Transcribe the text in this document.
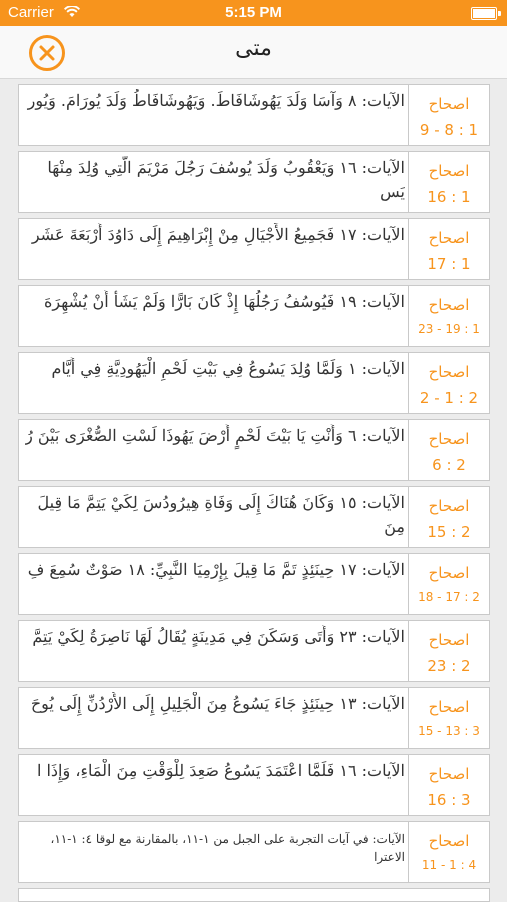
Carrier	5:15 PM
متى
الآيات: ٨ وَآسَا وَلَدَ يَهُوشَافَاطَ. وَيَهُوشَافَاطُ وَلَدَ يُورَامَ. وَيُور	اصحاح
9 - 8 : 1
الآيات: ١٦ وَيَعْقُوبُ وَلَدَ يُوسُفَ رَجُلَ مَرْيَمَ الَّتِي وُلِدَ مِنْهَا يَس
اصحاح
16 : 1
الآيات: ١٧ فَجَمِيعُ الأَجْيَالِ مِنْ إِبْرَاهِيمَ إِلَى دَاوُدَ أَرْبَعَةَ عَشَر	اصحاح
17 : 1
الآيات: ١٩ فَيُوسُفُ رَجُلُهَا إِذْ كَانَ بَارًّا وَلَمْ يَشَأْ أَنْ يُشْهِرَهَ	اصحاح
23 - 19 : 1
الآيات: ١ وَلَمَّا وُلِدَ يَسُوعُ فِي بَيْتِ لَحْمِ الْيَهُودِيَّةِ فِي أَيَّام	اصحاح
2 - 1 : 2
الآيات: ٦ وَأَنْتِ يَا بَيْتَ لَحْمٍ أَرْضَ يَهُوذَا لَسْتِ الصُّغْرَى بَيْنَ رُ	اصحاح
6 : 2
الآيات: ١٥ وَكَانَ هُنَاكَ إِلَى وَفَاةِ هِيرُودُسَ لِكَيْ يَتِمَّ مَا قِيلَ مِنَ
اصحاح
15 : 2
الآيات: ١٧ حِينَئِذٍ تَمَّ مَا قِيلَ بِإِرْمِيَا النَّبِيِّ: ١٨ صَوْتٌ سُمِعَ فِ	اصحاح
18 - 17 : 2
الآيات: ٢٣ وَأَتَى وَسَكَنَ فِي مَدِينَةٍ يُقَالُ لَهَا نَاصِرَةُ لِكَيْ يَتِمَّ	اصحاح
23 : 2
الآيات: ١٣ حِينَئِذٍ جَاءَ يَسُوعُ مِنَ الْجَلِيلِ إِلَى الأُرْدُنِّ إِلَى يُوحَ	اصحاح
15 - 13 : 3
الآيات: ١٦ فَلَمَّا اعْتَمَدَ يَسُوعُ صَعِدَ لِلْوَقْتِ مِنَ الْمَاءِ، وَإِذَا ا	اصحاح
16 : 3
الآيات: في آيات التجربة على الجبل من ١-١١، بالمقارنة مع لوقا ٤: ١-١١، الاعترا
اصحاح
11 - 1 : 4
